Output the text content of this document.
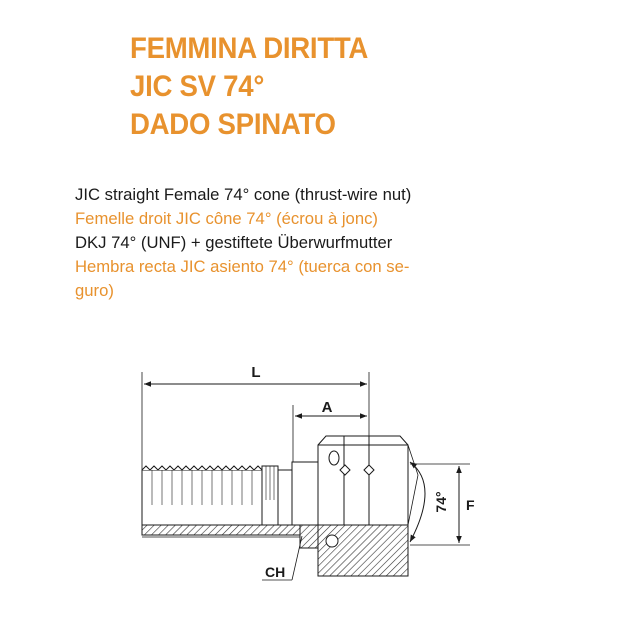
FEMMINA DIRITTA
JIC SV 74°
DADO SPINATO
JIC straight Female 74° cone (thrust-wire nut)
Femelle droit JIC cône 74° (écrou à jonc)
DKJ 74° (UNF) + gestiftete Überwurfmutter
Hembra recta JIC asiento 74° (tuerca con se-
guro)
L
A
74° F
CH
